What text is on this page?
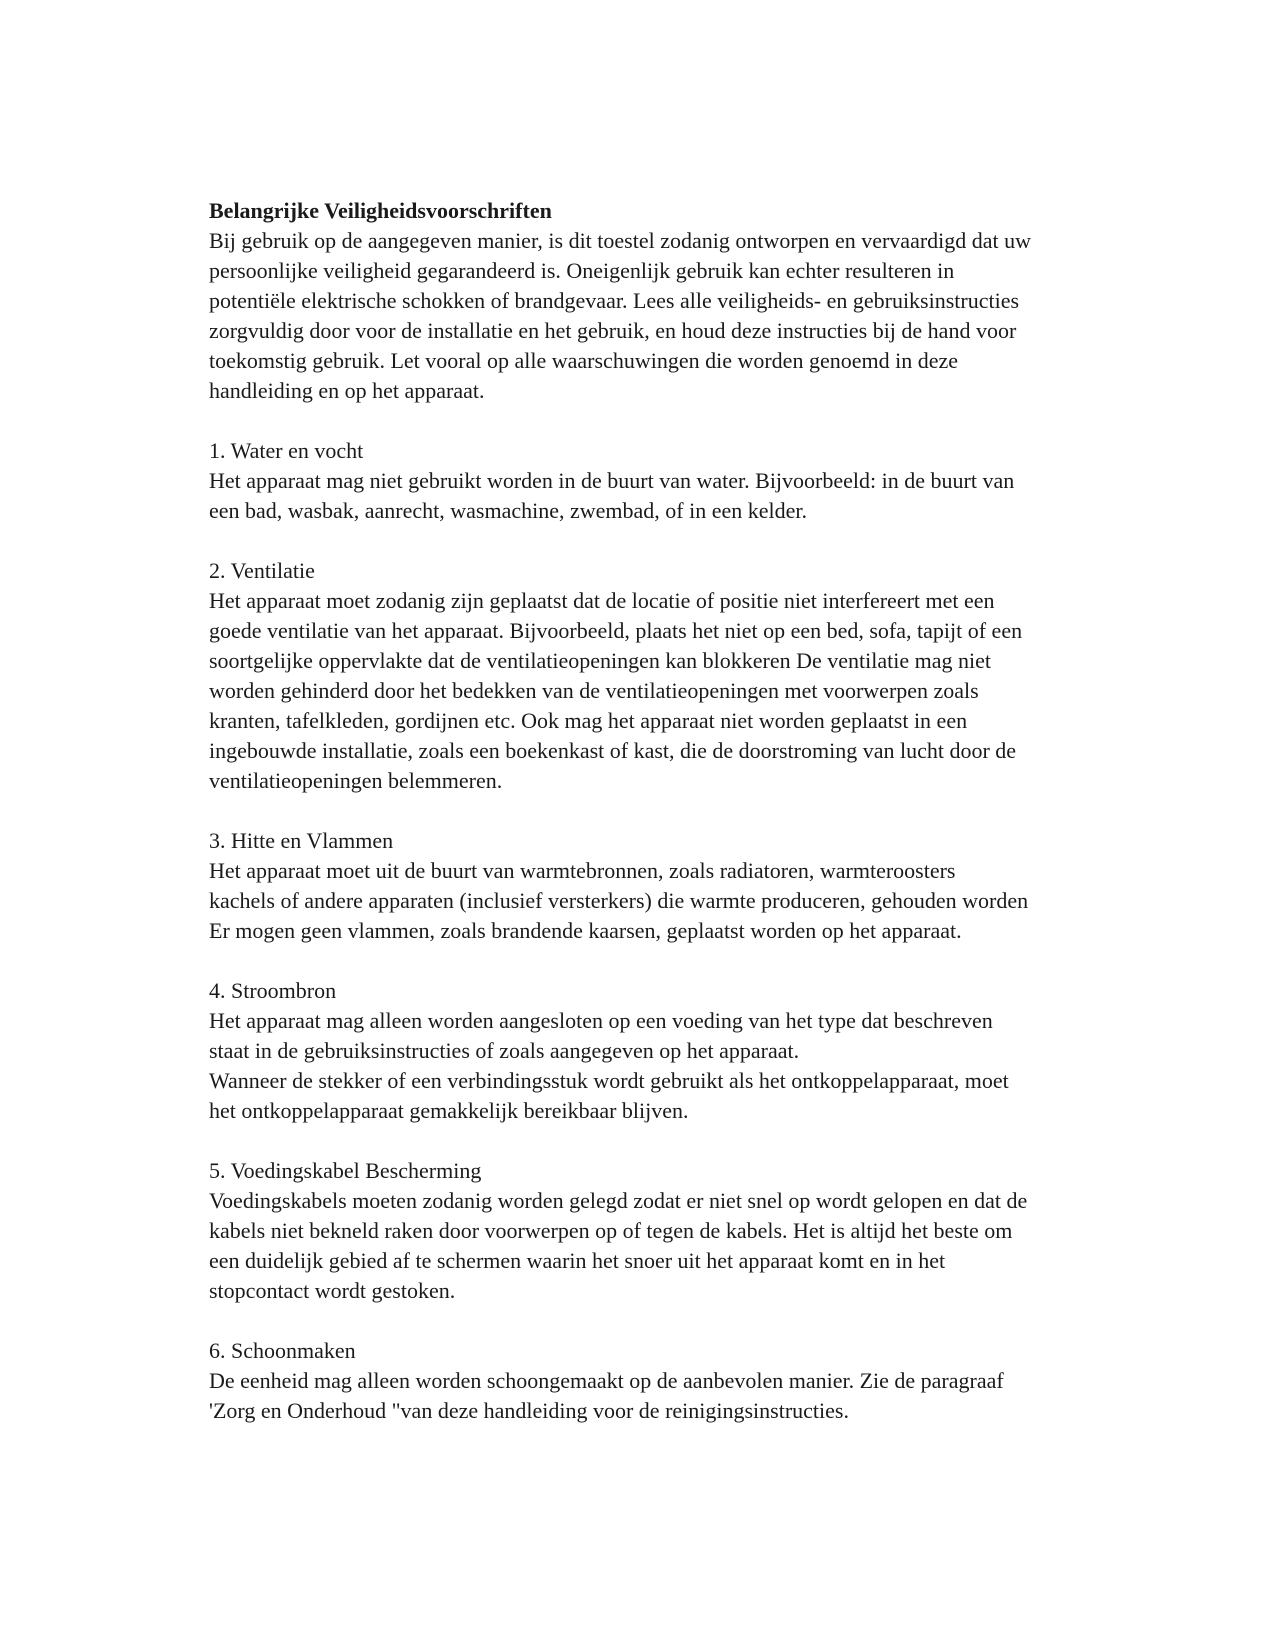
Belangrijke Veiligheidsvoorschriften
Bij gebruik op de aangegeven manier, is dit toestel zodanig ontworpen en vervaardigd dat uw
persoonlijke veiligheid gegarandeerd is. Oneigenlijk gebruik kan echter resulteren in
potentiële elektrische schokken of brandgevaar. Lees alle veiligheids- en gebruiksinstructies
zorgvuldig door voor de installatie en het gebruik, en houd deze instructies bij de hand voor
toekomstig gebruik. Let vooral op alle waarschuwingen die worden genoemd in deze
handleiding en op het apparaat.
1. Water en vocht
Het apparaat mag niet gebruikt worden in de buurt van water. Bijvoorbeeld: in de buurt van
een bad, wasbak, aanrecht, wasmachine, zwembad, of in een kelder.
2. Ventilatie
Het apparaat moet zodanig zijn geplaatst dat de locatie of positie niet interfereert met een
goede ventilatie van het apparaat. Bijvoorbeeld, plaats het niet op een bed, sofa, tapijt of een
soortgelijke oppervlakte dat de ventilatieopeningen kan blokkeren De ventilatie mag niet
worden gehinderd door het bedekken van de ventilatieopeningen met voorwerpen zoals
kranten, tafelkleden, gordijnen etc. Ook mag het apparaat niet worden geplaatst in een
ingebouwde installatie, zoals een boekenkast of kast, die de doorstroming van lucht door de
ventilatieopeningen belemmeren.
3. Hitte en Vlammen
Het apparaat moet uit de buurt van warmtebronnen, zoals radiatoren, warmteroosters
kachels of andere apparaten (inclusief versterkers) die warmte produceren, gehouden worden
Er mogen geen vlammen, zoals brandende kaarsen, geplaatst worden op het apparaat.
4. Stroombron
Het apparaat mag alleen worden aangesloten op een voeding van het type dat beschreven
staat in de gebruiksinstructies of zoals aangegeven op het apparaat.
Wanneer de stekker of een verbindingsstuk wordt gebruikt als het ontkoppelapparaat, moet
het ontkoppelapparaat gemakkelijk bereikbaar blijven.
5. Voedingskabel Bescherming
Voedingskabels moeten zodanig worden gelegd zodat er niet snel op wordt gelopen en dat de
kabels niet bekneld raken door voorwerpen op of tegen de kabels. Het is altijd het beste om
een duidelijk gebied af te schermen waarin het snoer uit het apparaat komt en in het
stopcontact wordt gestoken.
6. Schoonmaken
De eenheid mag alleen worden schoongemaakt op de aanbevolen manier. Zie de paragraaf
'Zorg en Onderhoud "van deze handleiding voor de reinigingsinstructies.
